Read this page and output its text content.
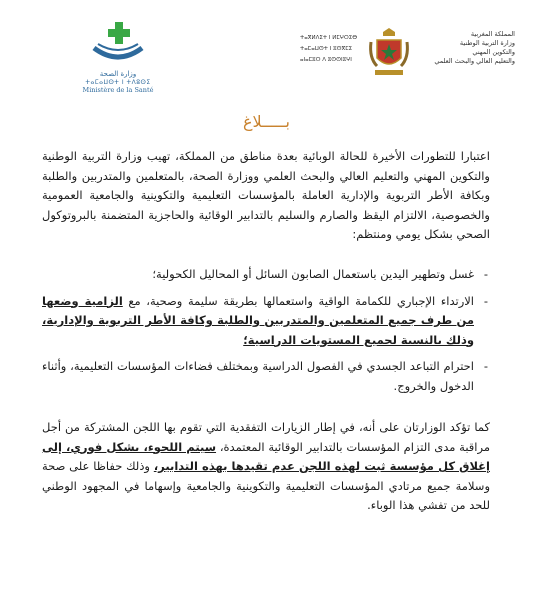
وزارة الصحة
ⵜⴰⵎⴰⵡⵙⵜ ⵏ ⵜⴷⵓⵙⵉ
Ministère de la Santé
المملكة المغربية
وزارة التربية الوطنية
والتكوين المهني
والتعليم العالي والبحث العلمي
ⵜⴰⴳⵍⴷⵉⵜ ⵏ ⵍⵎⵖⵔⵉⴱ
ⵜⴰⵎⴰⵡⵙⵜ ⵏ ⵓⵙⴳⵎⵉ
ⴰⵏⴰⵎⵓⵔ ⴷ ⵓⵙⵙⵏⵓⵖⵏ
بـــــلاغ
اعتبارا للتطورات الأخيرة للحالة الوبائية بعدة مناطق من المملكة، تهيب وزارة التربية الوطنية والتكوين المهني والتعليم العالي والبحث العلمي ووزارة الصحة، بالمتعلمين والمتدربين والطلبة وبكافة الأطر التربوية والإدارية العاملة بالمؤسسات التعليمية والتكوينية والجامعية العمومية والخصوصية، الالتزام اليقظ والصارم والسليم بالتدابير الوقائية والحاجزية المتضمنة بالبروتوكول الصحي بشكل يومي ومنتظم:
- غسل وتطهير اليدين باستعمال الصابون السائل أو المحاليل الكحولية؛
- الارتداء الإجباري للكمامة الواقية واستعمالها بطريقة سليمة وصحية، مع الزامية وضعها من طرف جميع المتعلمين والمتدربين والطلبة وكافة الأطر التربوية والإدارية، وذلك بالنسبة لجميع المستويات الدراسية؛
- احترام التباعد الجسدي في الفصول الدراسية وبمختلف فضاءات المؤسسات التعليمية، وأثناء الدخول والخروج.
كما تؤكد الوزارتان على أنه، في إطار الزيارات التفقدية التي تقوم بها اللجن المشتركة من أجل مراقبة مدى التزام المؤسسات بالتدابير الوقائية المعتمدة، سيتم اللجوء، بشكل فوري، إلى إغلاق كل مؤسسة ثبت لهذه اللجن عدم تقيدها بهذه التدابير، وذلك حفاظا على صحة وسلامة جميع مرتادي المؤسسات التعليمية والتكوينية والجامعية وإسهاما في المجهود الوطني للحد من تفشي هذا الوباء.
